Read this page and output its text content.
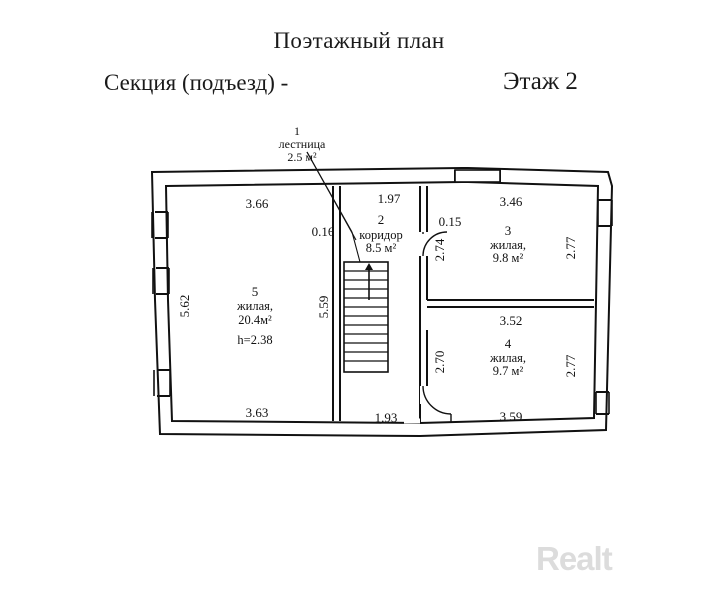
Поэтажный план
Секция (подъезд) -	Этаж 2
1
лестница
2.5 м²
5
жилая,
20.4м²
h=2.38
2
коридор
8.5 м²
3
жилая,
9.8 м²
4
жилая,
9.7 м²
3.66	1.97	3.46
0.16
0.15
5.62	5.59
2.74	2.77
3.52
2.70	2.77
3.63	1.93	3.59
Realt
